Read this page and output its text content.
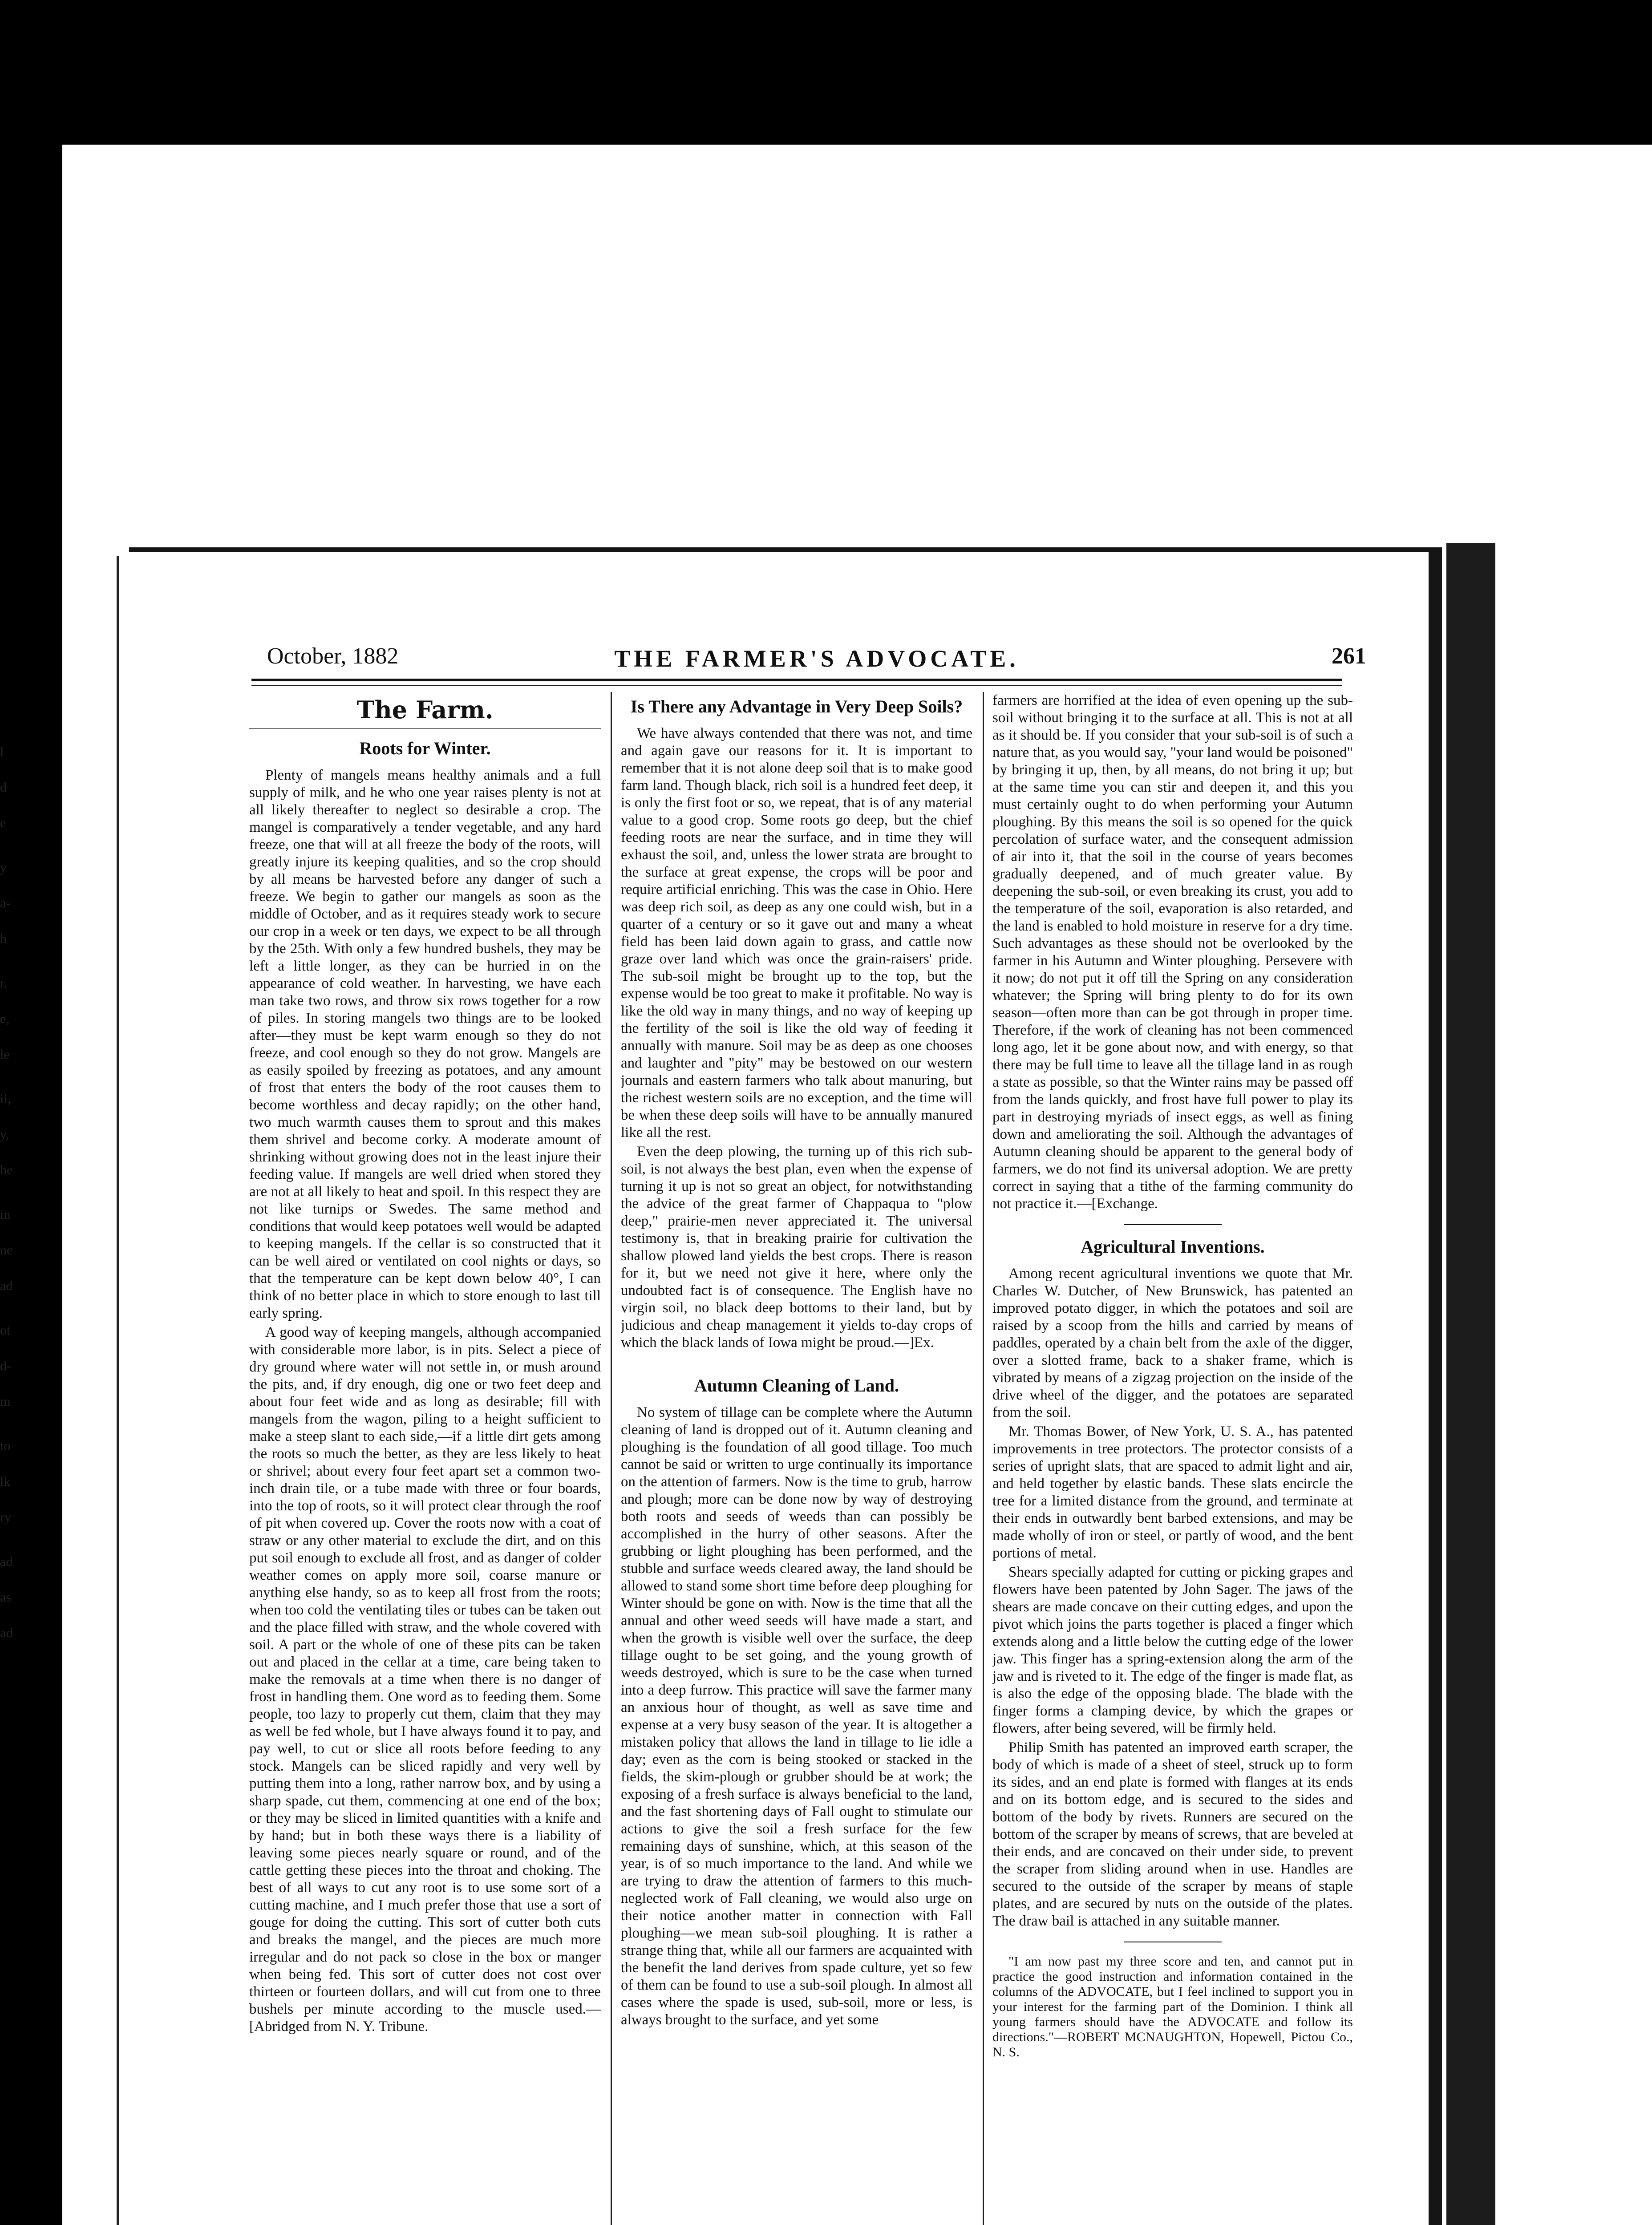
l
d
e
y
a-
h
r.
e,
le
il,
y,
he
in
ne
ad
ot
d-
m
to
lk
ry
ad
as
ad
October, 1882	THE FARMER'S ADVOCATE.	261
The Farm.
Roots for Winter.

Plenty of mangels means healthy animals and a full supply of milk, and he who one year raises plenty is not at all likely thereafter to neglect so desirable a crop. The mangel is comparatively a tender vegetable, and any hard freeze, one that will at all freeze the body of the roots, will greatly injure its keeping qualities, and so the crop should by all means be harvested before any danger of such a freeze. We begin to gather our mangels as soon as the middle of October, and as it requires steady work to secure our crop in a week or ten days, we expect to be all through by the 25th. With only a few hundred bushels, they may be left a little longer, as they can be hurried in on the appearance of cold weather. In harvesting, we have each man take two rows, and throw six rows together for a row of piles. In storing mangels two things are to be looked after—they must be kept warm enough so they do not freeze, and cool enough so they do not grow. Mangels are as easily spoiled by freezing as potatoes, and any amount of frost that enters the body of the root causes them to become worthless and decay rapidly; on the other hand, two much warmth causes them to sprout and this makes them shrivel and become corky. A moderate amount of shrinking without growing does not in the least injure their feeding value. If mangels are well dried when stored they are not at all likely to heat and spoil. In this respect they are not like turnips or Swedes. The same method and conditions that would keep potatoes well would be adapted to keeping mangels. If the cellar is so constructed that it can be well aired or ventilated on cool nights or days, so that the temperature can be kept down below 40°, I can think of no better place in which to store enough to last till early spring.

A good way of keeping mangels, although accompanied with considerable more labor, is in pits. Select a piece of dry ground where water will not settle in, or mush around the pits, and, if dry enough, dig one or two feet deep and about four feet wide and as long as desirable; fill with mangels from the wagon, piling to a height sufficient to make a steep slant to each side,—if a little dirt gets among the roots so much the better, as they are less likely to heat or shrivel; about every four feet apart set a common two-inch drain tile, or a tube made with three or four boards, into the top of roots, so it will protect clear through the roof of pit when covered up. Cover the roots now with a coat of straw or any other material to exclude the dirt, and on this put soil enough to exclude all frost, and as danger of colder weather comes on apply more soil, coarse manure or anything else handy, so as to keep all frost from the roots; when too cold the ventilating tiles or tubes can be taken out and the place filled with straw, and the whole covered with soil. A part or the whole of one of these pits can be taken out and placed in the cellar at a time, care being taken to make the removals at a time when there is no danger of frost in handling them. One word as to feeding them. Some people, too lazy to properly cut them, claim that they may as well be fed whole, but I have always found it to pay, and pay well, to cut or slice all roots before feeding to any stock. Mangels can be sliced rapidly and very well by putting them into a long, rather narrow box, and by using a sharp spade, cut them, commencing at one end of the box; or they may be sliced in limited quantities with a knife and by hand; but in both these ways there is a liability of leaving some pieces nearly square or round, and of the cattle getting these pieces into the throat and choking. The best of all ways to cut any root is to use some sort of a cutting machine, and I much prefer those that use a sort of gouge for doing the cutting. This sort of cutter both cuts and breaks the mangel, and the pieces are much more irregular and do not pack so close in the box or manger when being fed. This sort of cutter does not cost over thirteen or fourteen dollars, and will cut from one to three bushels per minute according to the muscle used.—[Abridged from N. Y. Tribune.

Is There any Advantage in Very Deep Soils?

We have always contended that there was not, and time and again gave our reasons for it. It is important to remember that it is not alone deep soil that is to make good farm land. Though black, rich soil is a hundred feet deep, it is only the first foot or so, we repeat, that is of any material value to a good crop. Some roots go deep, but the chief feeding roots are near the surface, and in time they will exhaust the soil, and, unless the lower strata are brought to the surface at great expense, the crops will be poor and require artificial enriching. This was the case in Ohio. Here was deep rich soil, as deep as any one could wish, but in a quarter of a century or so it gave out and many a wheat field has been laid down again to grass, and cattle now graze over land which was once the grain-raisers' pride. The sub-soil might be brought up to the top, but the expense would be too great to make it profitable. No way is like the old way in many things, and no way of keeping up the fertility of the soil is like the old way of feeding it annually with manure. Soil may be as deep as one chooses and laughter and "pity" may be bestowed on our western journals and eastern farmers who talk about manuring, but the richest western soils are no exception, and the time will be when these deep soils will have to be annually manured like all the rest.

Even the deep plowing, the turning up of this rich sub-soil, is not always the best plan, even when the expense of turning it up is not so great an object, for notwithstanding the advice of the great farmer of Chappaqua to "plow deep," prairie-men never appreciated it. The universal testimony is, that in breaking prairie for cultivation the shallow plowed land yields the best crops. There is reason for it, but we need not give it here, where only the undoubted fact is of consequence. The English have no virgin soil, no black deep bottoms to their land, but by judicious and cheap management it yields to-day crops of which the black lands of Iowa might be proud.—]Ex.

Autumn Cleaning of Land.

No system of tillage can be complete where the Autumn cleaning of land is dropped out of it. Autumn cleaning and ploughing is the foundation of all good tillage. Too much cannot be said or written to urge continually its importance on the attention of farmers. Now is the time to grub, harrow and plough; more can be done now by way of destroying both roots and seeds of weeds than can possibly be accomplished in the hurry of other seasons. After the grubbing or light ploughing has been performed, and the stubble and surface weeds cleared away, the land should be allowed to stand some short time before deep ploughing for Winter should be gone on with. Now is the time that all the annual and other weed seeds will have made a start, and when the growth is visible well over the surface, the deep tillage ought to be set going, and the young growth of weeds destroyed, which is sure to be the case when turned into a deep furrow. This practice will save the farmer many an anxious hour of thought, as well as save time and expense at a very busy season of the year. It is altogether a mistaken policy that allows the land in tillage to lie idle a day; even as the corn is being stooked or stacked in the fields, the skim-plough or grubber should be at work; the exposing of a fresh surface is always beneficial to the land, and the fast shortening days of Fall ought to stimulate our actions to give the soil a fresh surface for the few remaining days of sunshine, which, at this season of the year, is of so much importance to the land. And while we are trying to draw the attention of farmers to this much-neglected work of Fall cleaning, we would also urge on their notice another matter in connection with Fall ploughing—we mean sub-soil ploughing. It is rather a strange thing that, while all our farmers are acquainted with the benefit the land derives from spade culture, yet so few of them can be found to use a sub-soil plough. In almost all cases where the spade is used, sub-soil, more or less, is always brought to the surface, and yet some

farmers are horrified at the idea of even opening up the sub-soil without bringing it to the surface at all. This is not at all as it should be. If you consider that your sub-soil is of such a nature that, as you would say, "your land would be poisoned" by bringing it up, then, by all means, do not bring it up; but at the same time you can stir and deepen it, and this you must certainly ought to do when performing your Autumn ploughing. By this means the soil is so opened for the quick percolation of surface water, and the consequent admission of air into it, that the soil in the course of years becomes gradually deepened, and of much greater value. By deepening the sub-soil, or even breaking its crust, you add to the temperature of the soil, evaporation is also retarded, and the land is enabled to hold moisture in reserve for a dry time. Such advantages as these should not be overlooked by the farmer in his Autumn and Winter ploughing. Persevere with it now; do not put it off till the Spring on any consideration whatever; the Spring will bring plenty to do for its own season—often more than can be got through in proper time. Therefore, if the work of cleaning has not been commenced long ago, let it be gone about now, and with energy, so that there may be full time to leave all the tillage land in as rough a state as possible, so that the Winter rains may be passed off from the lands quickly, and frost have full power to play its part in destroying myriads of insect eggs, as well as fining down and ameliorating the soil. Although the advantages of Autumn cleaning should be apparent to the general body of farmers, we do not find its universal adoption. We are pretty correct in saying that a tithe of the farming community do not practice it.—[Exchange.

Agricultural Inventions.

Among recent agricultural inventions we quote that Mr. Charles W. Dutcher, of New Brunswick, has patented an improved potato digger, in which the potatoes and soil are raised by a scoop from the hills and carried by means of paddles, operated by a chain belt from the axle of the digger, over a slotted frame, back to a shaker frame, which is vibrated by means of a zigzag projection on the inside of the drive wheel of the digger, and the potatoes are separated from the soil.

Mr. Thomas Bower, of New York, U. S. A., has patented improvements in tree protectors. The protector consists of a series of upright slats, that are spaced to admit light and air, and held together by elastic bands. These slats encircle the tree for a limited distance from the ground, and terminate at their ends in outwardly bent barbed extensions, and may be made wholly of iron or steel, or partly of wood, and the bent portions of metal.

Shears specially adapted for cutting or picking grapes and flowers have been patented by John Sager. The jaws of the shears are made concave on their cutting edges, and upon the pivot which joins the parts together is placed a finger which extends along and a little below the cutting edge of the lower jaw. This finger has a spring-extension along the arm of the jaw and is riveted to it. The edge of the finger is made flat, as is also the edge of the opposing blade. The blade with the finger forms a clamping device, by which the grapes or flowers, after being severed, will be firmly held.

Philip Smith has patented an improved earth scraper, the body of which is made of a sheet of steel, struck up to form its sides, and an end plate is formed with flanges at its ends and on its bottom edge, and is secured to the sides and bottom of the body by rivets. Runners are secured on the bottom of the scraper by means of screws, that are beveled at their ends, and are concaved on their under side, to prevent the scraper from sliding around when in use. Handles are secured to the outside of the scraper by means of staple plates, and are secured by nuts on the outside of the plates. The draw bail is attached in any suitable manner.

"I am now past my three score and ten, and cannot put in practice the good instruction and information contained in the columns of the ADVOCATE, but I feel inclined to support you in your interest for the farming part of the Dominion. I think all young farmers should have the ADVOCATE and follow its directions."—ROBERT MCNAUGHTON, Hopewell, Pictou Co., N. S.
